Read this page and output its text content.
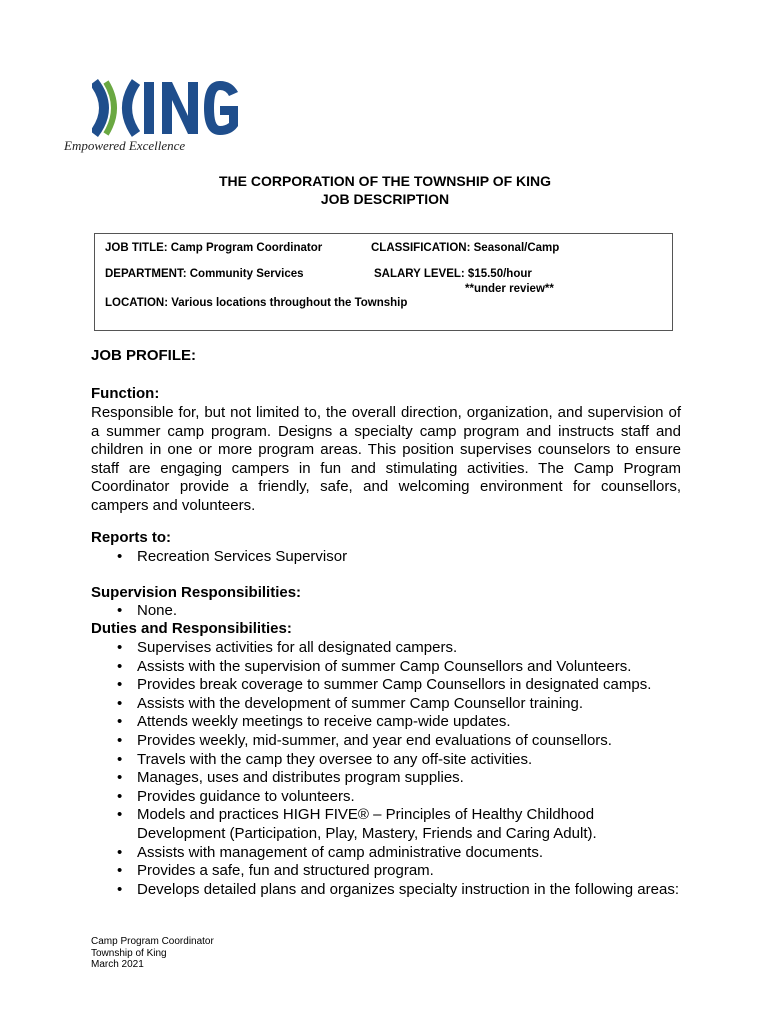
Empowered Excellence
THE CORPORATION OF THE TOWNSHIP OF KING
JOB DESCRIPTION
JOB TITLE: Camp Program Coordinator	CLASSIFICATION: Seasonal/Camp
DEPARTMENT: Community Services	SALARY LEVEL: $15.50/hour
**under review**
LOCATION: Various locations throughout the Township
JOB PROFILE:
Function:
Responsible for, but not limited to, the overall direction, organization, and supervision of a summer camp program. Designs a specialty camp program and instructs staff and children in one or more program areas. This position supervises counselors to ensure staff are engaging campers in fun and stimulating activities. The Camp Program Coordinator provide a friendly, safe, and welcoming environment for counsellors, campers and volunteers.
Reports to:
• Recreation Services Supervisor
Supervision Responsibilities:
• None.
Duties and Responsibilities:
• Supervises activities for all designated campers.
• Assists with the supervision of summer Camp Counsellors and Volunteers.
• Provides break coverage to summer Camp Counsellors in designated camps.
• Assists with the development of summer Camp Counsellor training.
• Attends weekly meetings to receive camp-wide updates.
• Provides weekly, mid-summer, and year end evaluations of counsellors.
• Travels with the camp they oversee to any off-site activities.
• Manages, uses and distributes program supplies.
• Provides guidance to volunteers.
• Models and practices HIGH FIVE® – Principles of Healthy Childhood Development (Participation, Play, Mastery, Friends and Caring Adult).
• Assists with management of camp administrative documents.
• Provides a safe, fun and structured program.
• Develops detailed plans and organizes specialty instruction in the following areas:
Camp Program Coordinator
Township of King
March 2021
